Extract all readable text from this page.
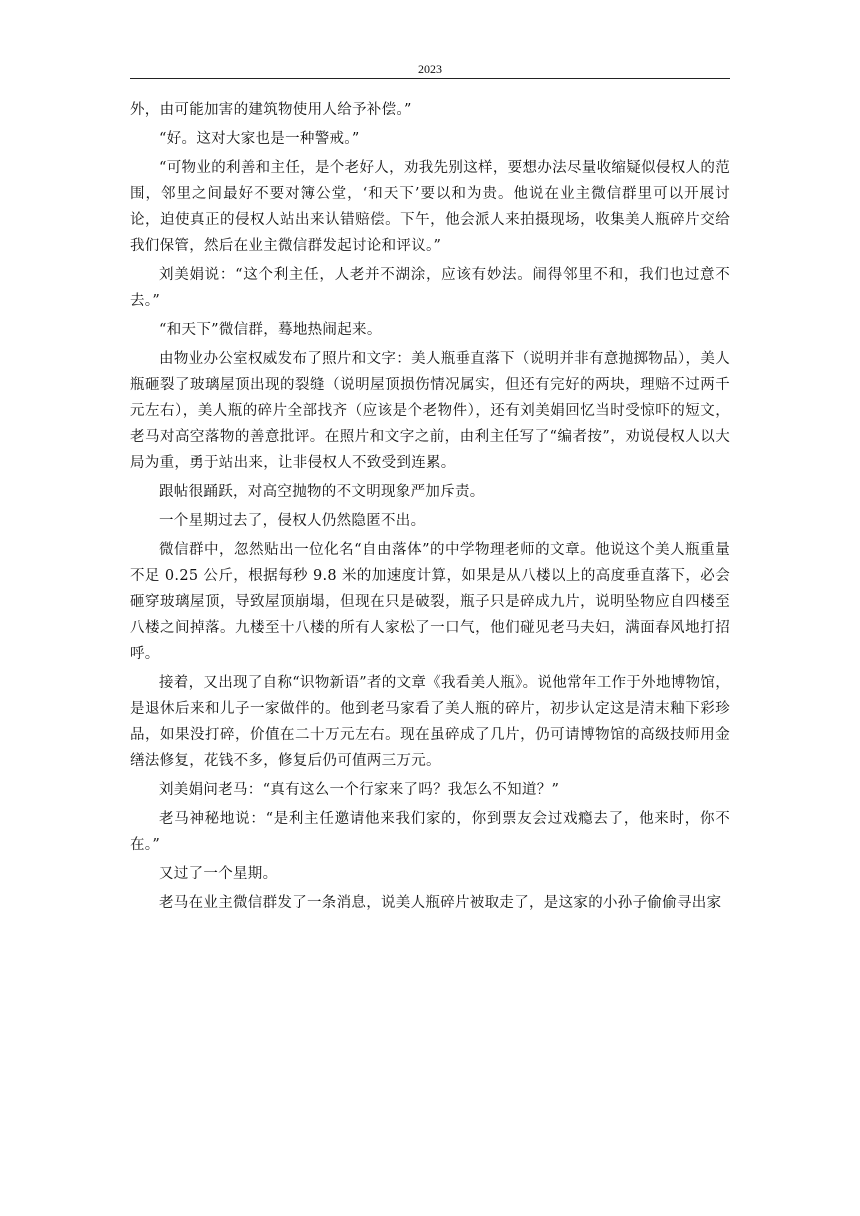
2023

外，由可能加害的建筑物使用人给予补偿。”

“好。这对大家也是一种警戒。”

“可物业的利善和主任，是个老好人，劝我先别这样，要想办法尽量收缩疑似侵权人的范围，邻里之间最好不要对簿公堂，‘和天下’要以和为贵。他说在业主微信群里可以开展讨论，迫使真正的侵权人站出来认错赔偿。下午，他会派人来拍摄现场，收集美人瓶碎片交给我们保管，然后在业主微信群发起讨论和评议。”

刘美娟说：“这个利主任，人老并不湖涂，应该有妙法。闹得邻里不和，我们也过意不去。”

“和天下”微信群，蓦地热闹起来。

由物业办公室权威发布了照片和文字：美人瓶垂直落下（说明并非有意抛掷物品），美人瓶砸裂了玻璃屋顶出现的裂缝（说明屋顶损伤情况属实，但还有完好的两块，理赔不过两千元左右），美人瓶的碎片全部找齐（应该是个老物件），还有刘美娟回忆当时受惊吓的短文，老马对高空落物的善意批评。在照片和文字之前，由利主任写了“编者按”，劝说侵权人以大局为重，勇于站出来，让非侵权人不致受到连累。

跟帖很踊跃，对高空抛物的不文明现象严加斥责。

一个星期过去了，侵权人仍然隐匿不出。

微信群中，忽然贴出一位化名“自由落体”的中学物理老师的文章。他说这个美人瓶重量不足 0.25 公斤，根据每秒 9.8 米的加速度计算，如果是从八楼以上的高度垂直落下，必会砸穿玻璃屋顶，导致屋顶崩塌，但现在只是破裂，瓶子只是碎成九片，说明坠物应自四楼至八楼之间掉落。九楼至十八楼的所有人家松了一口气，他们碰见老马夫妇，满面春风地打招呼。

接着，又出现了自称“识物新语”者的文章《我看美人瓶》。说他常年工作于外地博物馆，是退休后来和儿子一家做伴的。他到老马家看了美人瓶的碎片，初步认定这是清末釉下彩珍品，如果没打碎，价值在二十万元左右。现在虽碎成了几片，仍可请博物馆的高级技师用金缮法修复，花钱不多，修复后仍可值两三万元。

刘美娟问老马：“真有这么一个行家来了吗？我怎么不知道？”

老马神秘地说：“是利主任邀请他来我们家的，你到票友会过戏瘾去了，他来时，你不在。”

又过了一个星期。

老马在业主微信群发了一条消息，说美人瓶碎片被取走了，是这家的小孙子偷偷寻出家
